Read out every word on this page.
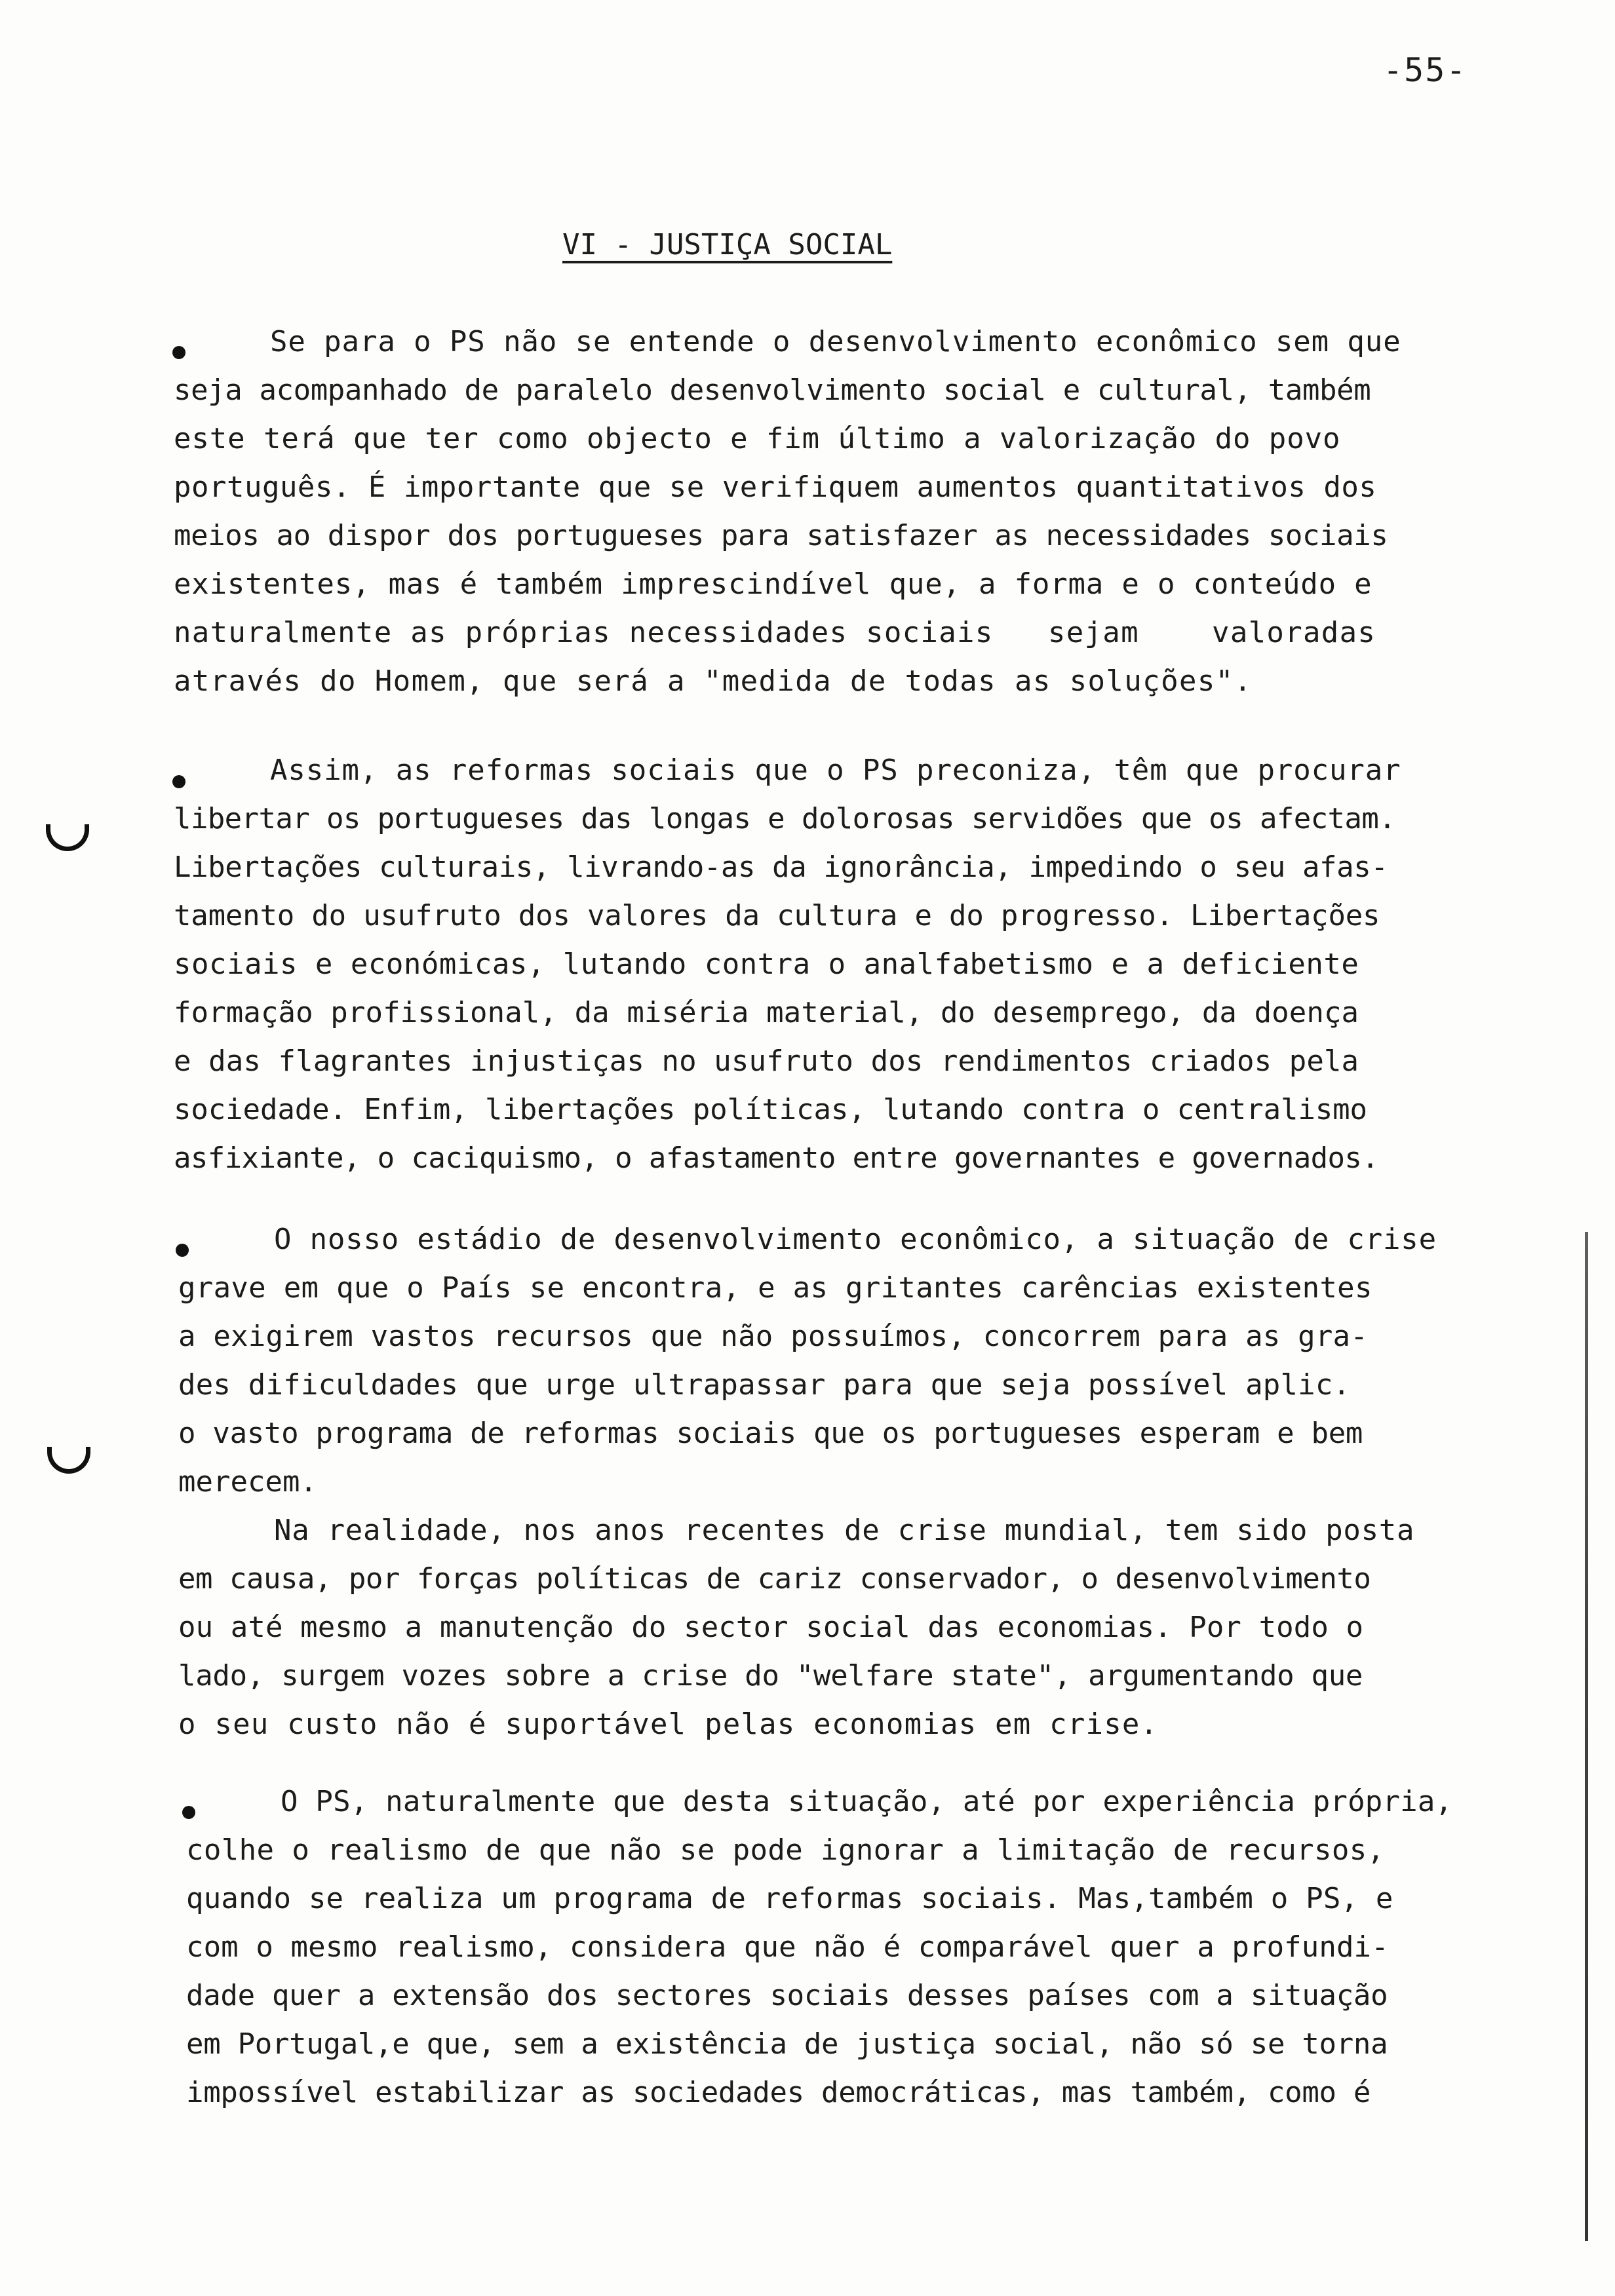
-55-
VI - JUSTIÇA SOCIAL
Se para o PS não se entende o desenvolvimento econômico sem que
seja acompanhado de paralelo desenvolvimento social e cultural, também
este terá que ter como objecto e fim último a valorização do povo
português. É importante que se verifiquem aumentos quantitativos dos
meios ao dispor dos portugueses para satisfazer as necessidades sociais
existentes, mas é também imprescindível que, a forma e o conteúdo e
naturalmente as próprias necessidades sociais   sejam    valoradas
através do Homem, que será a "medida de todas as soluções".
Assim, as reformas sociais que o PS preconiza, têm que procurar
libertar os portugueses das longas e dolorosas servidões que os afectam.
Libertações culturais, livrando-as da ignorância, impedindo o seu afas-
tamento do usufruto dos valores da cultura e do progresso. Libertações
sociais e económicas, lutando contra o analfabetismo e a deficiente
formação profissional, da miséria material, do desemprego, da doença
e das flagrantes injustiças no usufruto dos rendimentos criados pela
sociedade. Enfim, libertações políticas, lutando contra o centralismo
asfixiante, o caciquismo, o afastamento entre governantes e governados.
O nosso estádio de desenvolvimento econômico, a situação de crise
grave em que o País se encontra, e as gritantes carências existentes
a exigirem vastos recursos que não possuímos, concorrem para as gra-
des dificuldades que urge ultrapassar para que seja possível aplic.
o vasto programa de reformas sociais que os portugueses esperam e bem
merecem.
Na realidade, nos anos recentes de crise mundial, tem sido posta
em causa, por forças políticas de cariz conservador, o desenvolvimento
ou até mesmo a manutenção do sector social das economias. Por todo o
lado, surgem vozes sobre a crise do "welfare state", argumentando que
o seu custo não é suportável pelas economias em crise.
O PS, naturalmente que desta situação, até por experiência própria,
colhe o realismo de que não se pode ignorar a limitação de recursos,
quando se realiza um programa de reformas sociais. Mas,também o PS, e
com o mesmo realismo, considera que não é comparável quer a profundi-
dade quer a extensão dos sectores sociais desses países com a situação
em Portugal,e que, sem a existência de justiça social, não só se torna
impossível estabilizar as sociedades democráticas, mas também, como é
